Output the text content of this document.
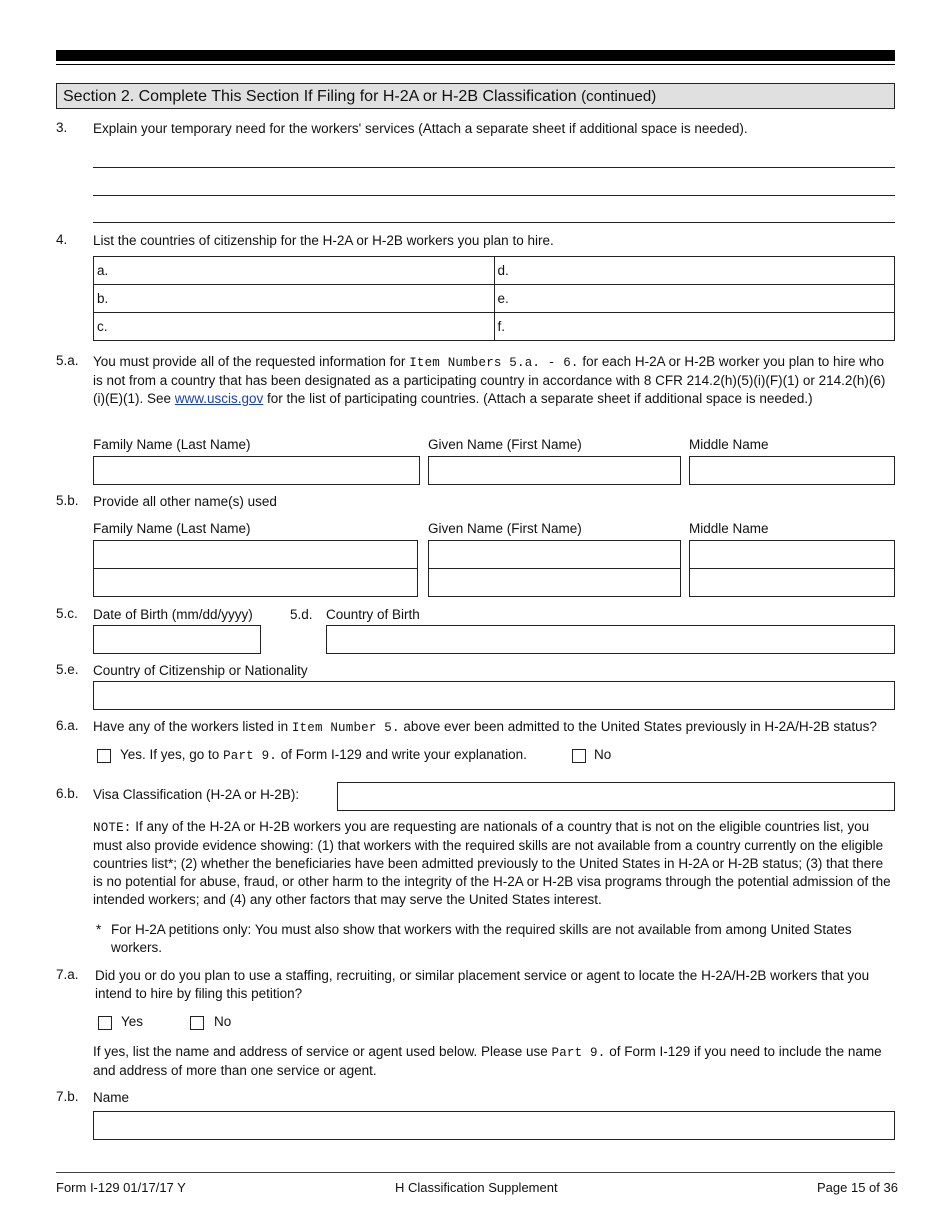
Section 2. Complete This Section If Filing for H-2A or H-2B Classification (continued)
3. Explain your temporary need for the workers' services (Attach a separate sheet if additional space is needed).
4. List the countries of citizenship for the H-2A or H-2B workers you plan to hire.
a.	d.
b.	e.
c.	f.
5.a. You must provide all of the requested information for Item Numbers 5.a. - 6. for each H-2A or H-2B worker you plan to hire who is not from a country that has been designated as a participating country in accordance with 8 CFR 214.2(h)(5)(i)(F)(1) or 214.2(h)(6)(i)(E)(1). See www.uscis.gov for the list of participating countries. (Attach a separate sheet if additional space is needed.)
Family Name (Last Name)	Given Name (First Name)	Middle Name
5.b. Provide all other name(s) used
Family Name (Last Name)	Given Name (First Name)	Middle Name
5.c. Date of Birth (mm/dd/yyyy)	5.d. Country of Birth
5.e. Country of Citizenship or Nationality
6.a. Have any of the workers listed in Item Number 5. above ever been admitted to the United States previously in H-2A/H-2B status?
Yes. If yes, go to Part 9. of Form I-129 and write your explanation.	No
6.b. Visa Classification (H-2A or H-2B):
NOTE: If any of the H-2A or H-2B workers you are requesting are nationals of a country that is not on the eligible countries list, you must also provide evidence showing: (1) that workers with the required skills are not available from a country currently on the eligible countries list*; (2) whether the beneficiaries have been admitted previously to the United States in H-2A or H-2B status; (3) that there is no potential for abuse, fraud, or other harm to the integrity of the H-2A or H-2B visa programs through the potential admission of the intended workers; and (4) any other factors that may serve the United States interest.
* For H-2A petitions only: You must also show that workers with the required skills are not available from among United States workers.
7.a. Did you or do you plan to use a staffing, recruiting, or similar placement service or agent to locate the H-2A/H-2B workers that you intend to hire by filing this petition?
Yes	No
If yes, list the name and address of service or agent used below. Please use Part 9. of Form I-129 if you need to include the name and address of more than one service or agent.
7.b. Name
Form I-129 01/17/17 Y	H Classification Supplement	Page 15 of 36
